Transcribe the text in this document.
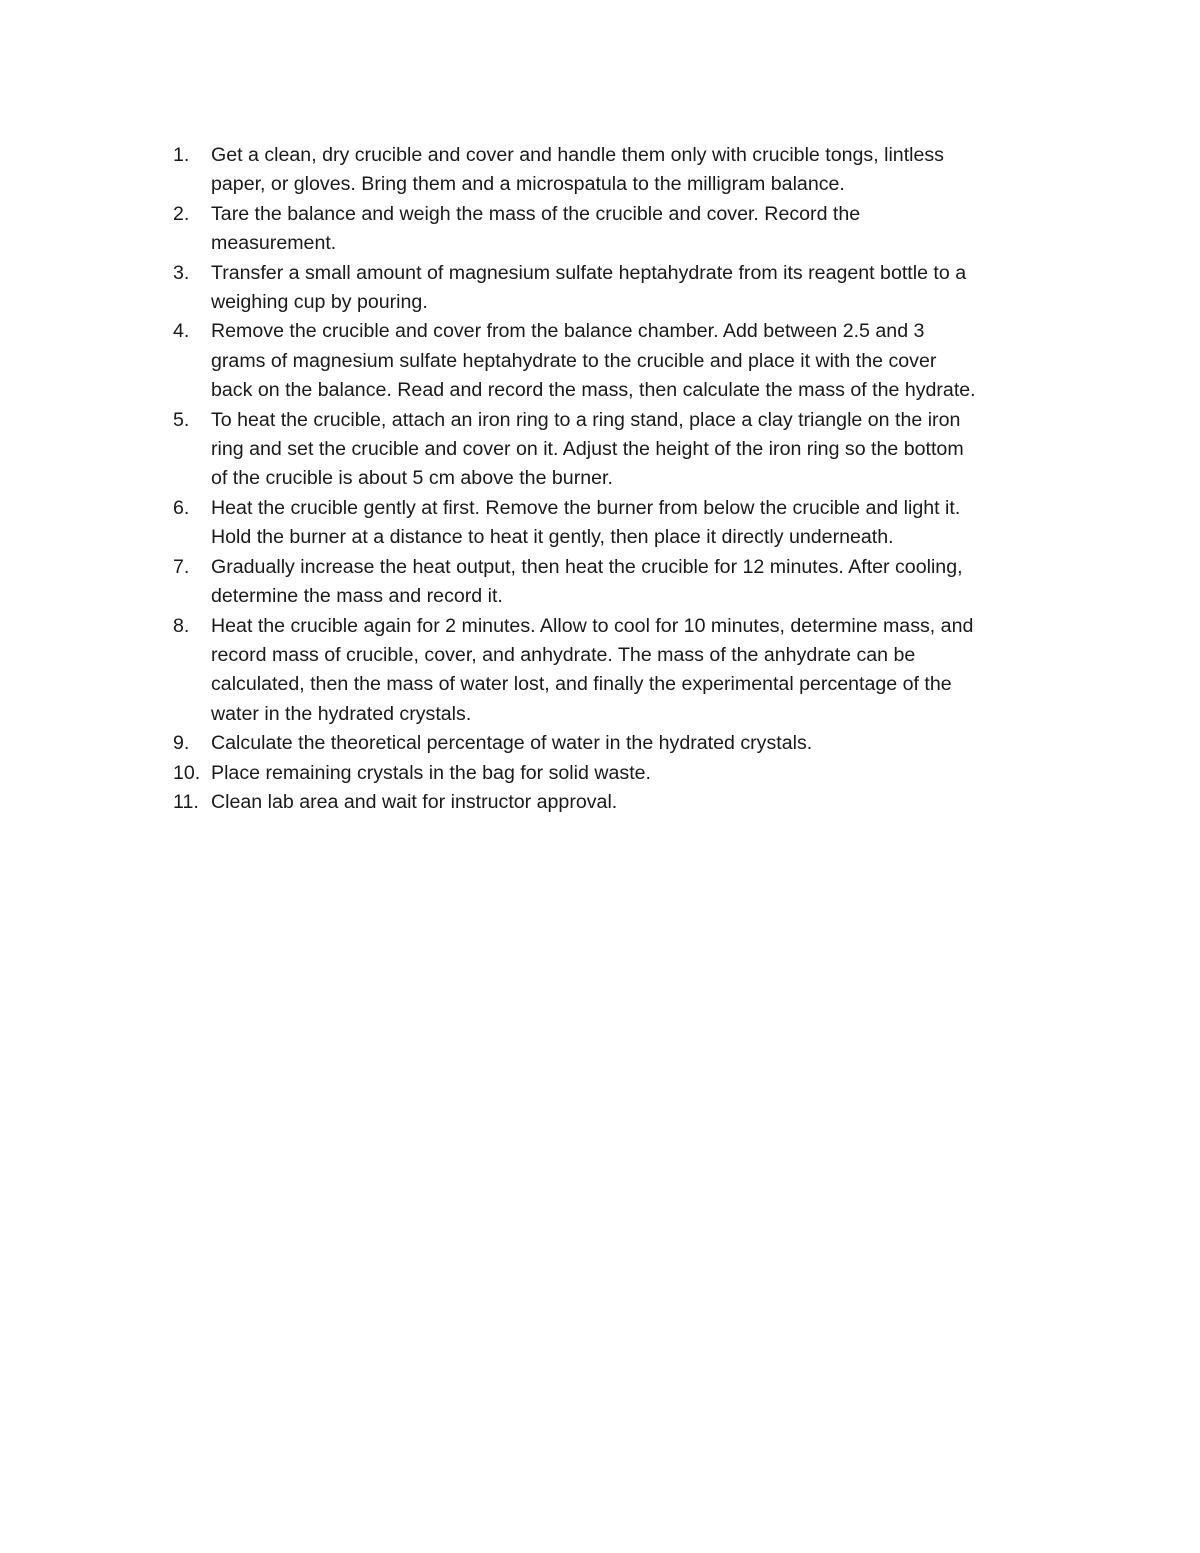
1.	Get a clean, dry crucible and cover and handle them only with crucible tongs, lintless
paper, or gloves. Bring them and a microspatula to the milligram balance.
2.	Tare the balance and weigh the mass of the crucible and cover. Record the
measurement.
3.	Transfer a small amount of magnesium sulfate heptahydrate from its reagent bottle to a
weighing cup by pouring.
4.	Remove the crucible and cover from the balance chamber. Add between 2.5 and 3
grams of magnesium sulfate heptahydrate to the crucible and place it with the cover
back on the balance. Read and record the mass, then calculate the mass of the hydrate.
5.	To heat the crucible, attach an iron ring to a ring stand, place a clay triangle on the iron
ring and set the crucible and cover on it. Adjust the height of the iron ring so the bottom
of the crucible is about 5 cm above the burner.
6.	Heat the crucible gently at first. Remove the burner from below the crucible and light it.
Hold the burner at a distance to heat it gently, then place it directly underneath.
7.	Gradually increase the heat output, then heat the crucible for 12 minutes. After cooling,
determine the mass and record it.
8.	Heat the crucible again for 2 minutes. Allow to cool for 10 minutes, determine mass, and
record mass of crucible, cover, and anhydrate. The mass of the anhydrate can be
calculated, then the mass of water lost, and finally the experimental percentage of the
water in the hydrated crystals.
9.	Calculate the theoretical percentage of water in the hydrated crystals.
10. Place remaining crystals in the bag for solid waste.
11. Clean lab area and wait for instructor approval.
